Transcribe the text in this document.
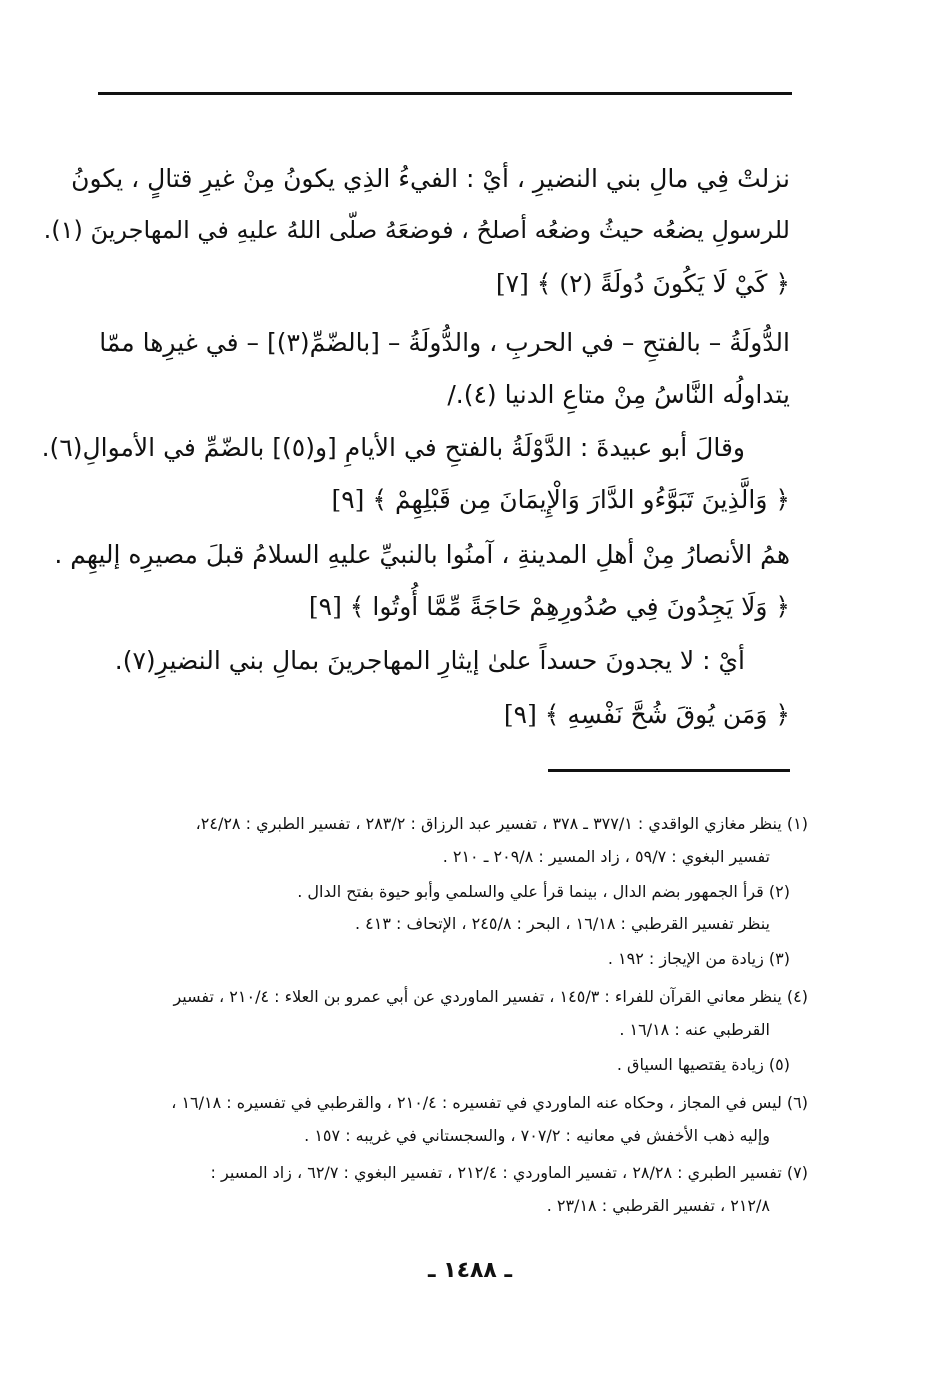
نزلتْ فِي مالِ بني النضيرِ ، أيْ : الفيءُ الذِي يكونُ مِنْ غيرِ قتالٍ ، يكونُ
للرسولِ يضعُه حيثُ وضعُه أصلحُ ، فوضعَهُ صلّى اللهُ عليهِ في المهاجرينَ (١).
﴿ كَيْ لَا يَكُونَ دُولَةً (٢) ﴾ [٧]
الدُّولَةُ – بالفتحِ – في الحربِ ، والدُّولَةُ – [بالضّمِّ(٣)] – في غيرِها ممّا
يتداولُه النَّاسُ مِنْ متاعِ الدنيا (٤)./
وقالَ أبو عبيدةَ : الدَّوْلَةُ بالفتحِ في الأيامِ [و(٥)] بالضّمِّ في الأموالِ(٦).
﴿ وَالَّذِينَ تَبَوَّءُو الدَّارَ وَالْإِيمَانَ مِن قَبْلِهِمْ ﴾ [٩]
همُ الأنصارُ مِنْ أهلِ المدينةِ ، آمنُوا بالنبيِّ عليهِ السلامُ قبلَ مصيرِه إليهِم .
﴿ وَلَا يَجِدُونَ فِي صُدُورِهِمْ حَاجَةً مِّمَّا أُوتُوا ﴾ [٩]
أيْ : لا يجدونَ حسداً علىٰ إيثارِ المهاجرينَ بمالِ بني النضيرِ(٧).
﴿ وَمَن يُوقَ شُحَّ نَفْسِهِ ﴾ [٩]
(١) ينظر مغازي الواقدي : ٣٧٧/١ ـ ٣٧٨ ، تفسير عبد الرزاق : ٢٨٣/٢ ، تفسير الطبري : ٢٤/٢٨،
تفسير البغوي : ٥٩/٧ ، زاد المسير : ٢٠٩/٨ ـ ٢١٠ .
(٢) قرأ الجمهور بضم الدال ، بينما قرأ علي والسلمي وأبو حيوة بفتح الدال .
ينظر تفسير القرطبي : ١٦/١٨ ، البحر : ٢٤٥/٨ ، الإتحاف : ٤١٣ .
(٣) زيادة من الإيجاز : ١٩٢ .
(٤) ينظر معاني القرآن للفراء : ١٤٥/٣ ، تفسير الماوردي عن أبي عمرو بن العلاء : ٢١٠/٤ ، تفسير
القرطبي عنه : ١٦/١٨ .
(٥) زيادة يقتصيها السياق .
(٦) ليس في المجاز ، وحكاه عنه الماوردي في تفسيره : ٢١٠/٤ ، والقرطبي في تفسيره : ١٦/١٨ ،
وإليه ذهب الأخفش في معانيه : ٧٠٧/٢ ، والسجستاني في غريبه : ١٥٧ .
(٧) تفسير الطبري : ٢٨/٢٨ ، تفسير الماوردي : ٢١٢/٤ ، تفسير البغوي : ٦٢/٧ ، زاد المسير :
٢١٢/٨ ، تفسير القرطبي : ٢٣/١٨ .
ـ ١٤٨٨ ـ
